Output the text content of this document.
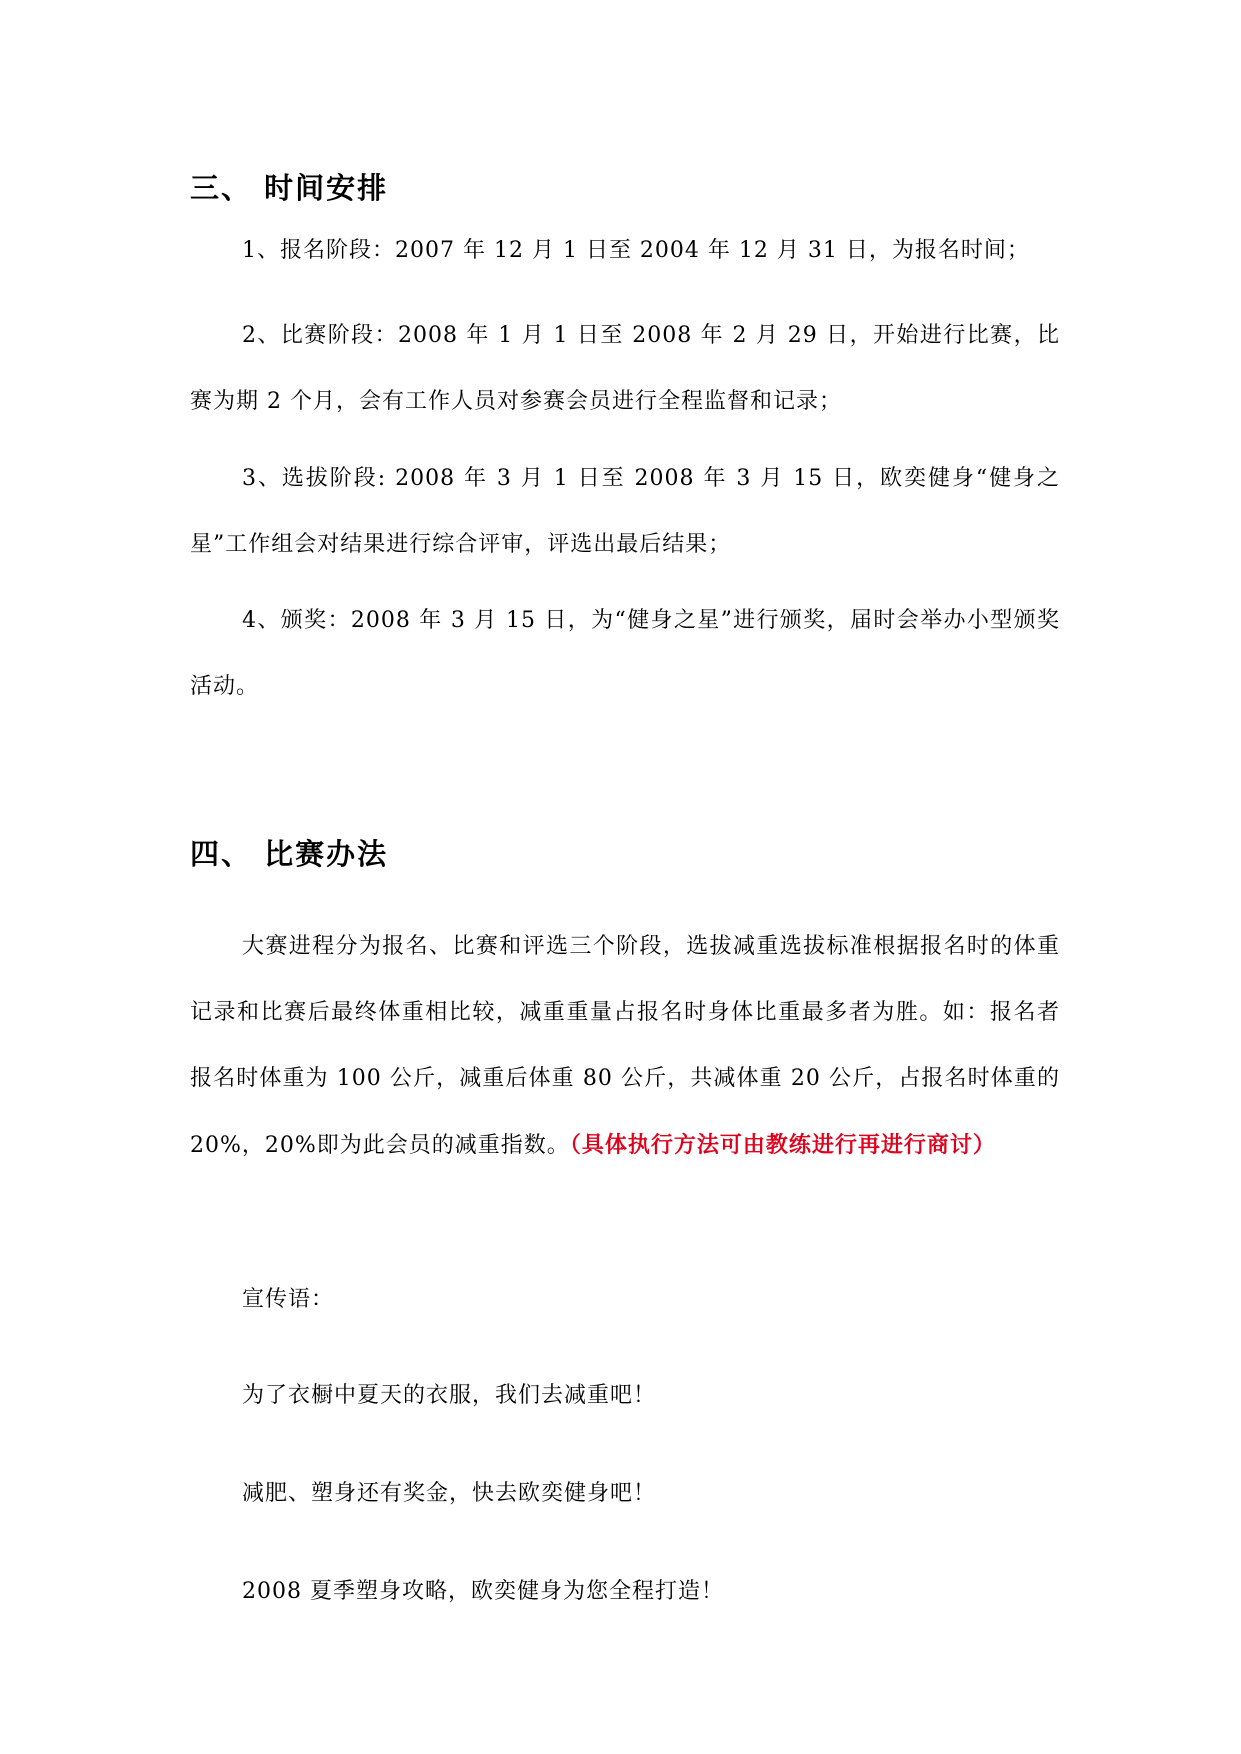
三、 时间安排
1、报名阶段：2007 年 12 月 1 日至 2004 年 12 月 31 日，为报名时间；
2、比赛阶段：2008 年 1 月 1 日至 2008 年 2 月 29 日，开始进行比赛，比赛为期 2 个月，会有工作人员对参赛会员进行全程监督和记录；
3、选拔阶段: 2008 年 3 月 1 日至 2008 年 3 月 15 日，欧奕健身“健身之星”工作组会对结果进行综合评审，评选出最后结果；
4、颁奖：2008 年 3 月 15 日，为“健身之星”进行颁奖，届时会举办小型颁奖活动。
四、 比赛办法
大赛进程分为报名、比赛和评选三个阶段，选拔减重选拔标准根据报名时的体重记录和比赛后最终体重相比较，减重重量占报名时身体比重最多者为胜。如：报名者报名时体重为 100 公斤，减重后体重 80 公斤，共减体重 20 公斤，占报名时体重的 20%，20%即为此会员的减重指数。（具体执行方法可由教练进行再进行商讨）
宣传语：
为了衣橱中夏天的衣服，我们去减重吧！
减肥、塑身还有奖金，快去欧奕健身吧！
2008 夏季塑身攻略，欧奕健身为您全程打造！
